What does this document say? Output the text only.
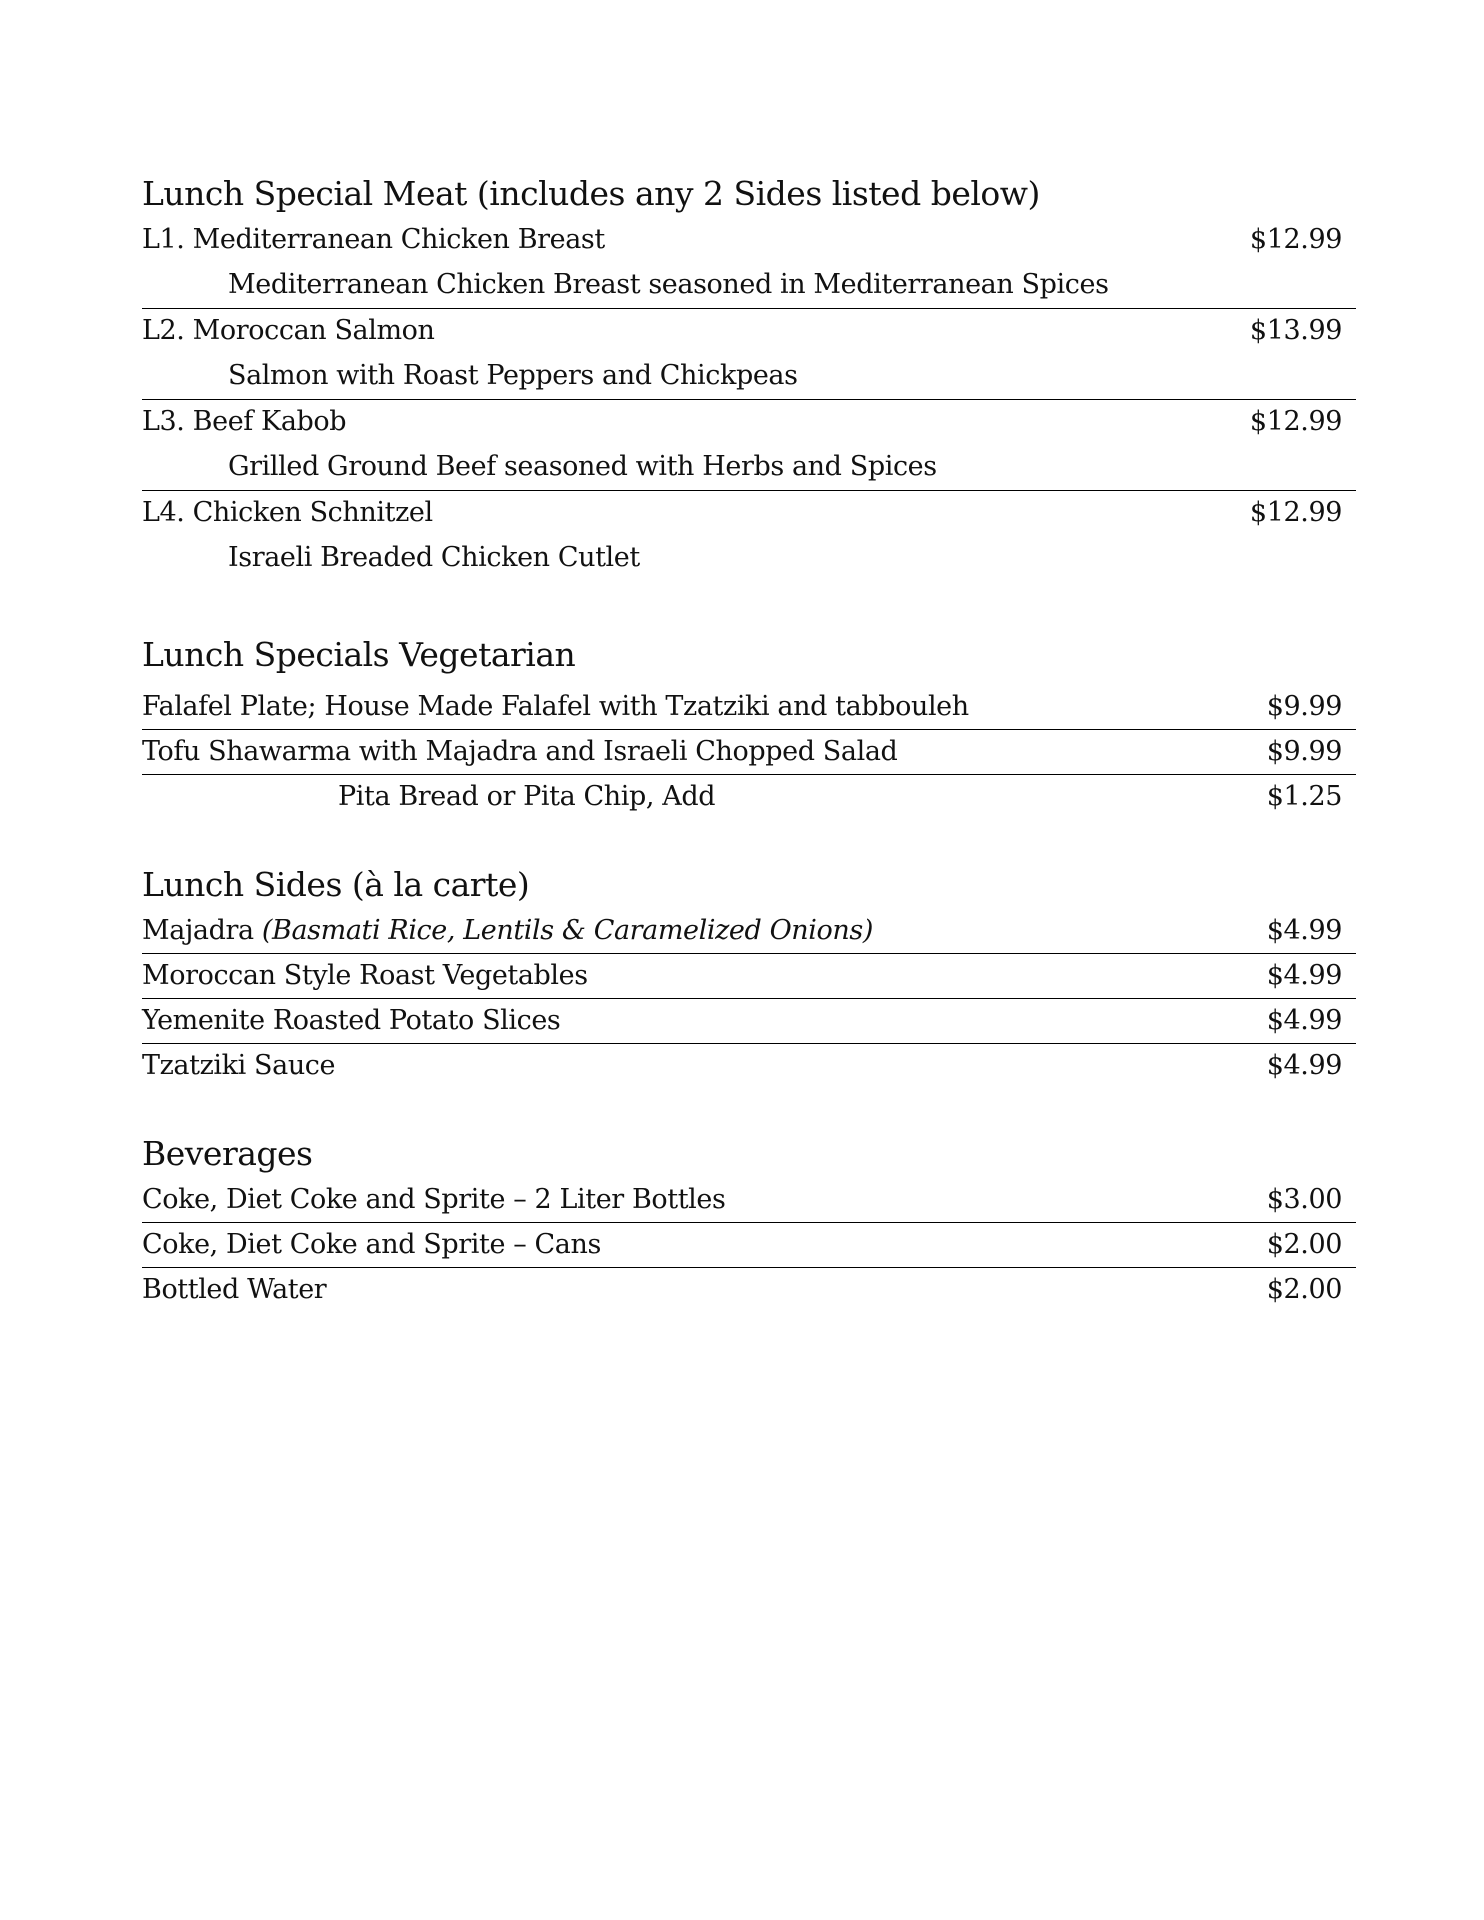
Lunch Special Meat (includes any 2 Sides listed below)
L1. Mediterranean Chicken Breast	$12.99
Mediterranean Chicken Breast seasoned in Mediterranean Spices
L2. Moroccan Salmon	$13.99
Salmon with Roast Peppers and Chickpeas
L3. Beef Kabob	$12.99
Grilled Ground Beef seasoned with Herbs and Spices
L4. Chicken Schnitzel	$12.99
Israeli Breaded Chicken Cutlet
Lunch Specials Vegetarian
Falafel Plate; House Made Falafel with Tzatziki and tabbouleh	$9.99
Tofu Shawarma with Majadra and Israeli Chopped Salad	$9.99
Pita Bread or Pita Chip, Add	$1.25
Lunch Sides (à la carte)
Majadra (Basmati Rice, Lentils & Caramelized Onions)	$4.99
Moroccan Style Roast Vegetables	$4.99
Yemenite Roasted Potato Slices	$4.99
Tzatziki Sauce	$4.99
Beverages
Coke, Diet Coke and Sprite – 2 Liter Bottles	$3.00
Coke, Diet Coke and Sprite – Cans	$2.00
Bottled Water	$2.00
